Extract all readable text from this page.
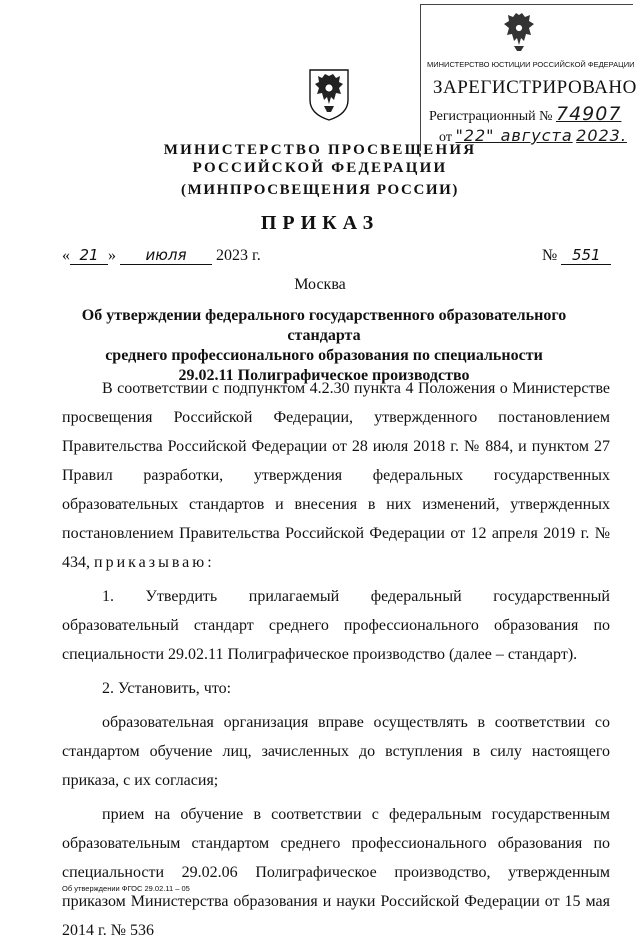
МИНИСТЕРСТВО ЮСТИЦИИ РОССИЙСКОЙ ФЕДЕРАЦИИ
ЗАРЕГИСТРИРОВАНО
Регистрационный № 74907
от "22" августа 2023.
МИНИСТЕРСТВО ПРОСВЕЩЕНИЯ
РОССИЙСКОЙ ФЕДЕРАЦИИ
(МИНПРОСВЕЩЕНИЯ РОССИИ)
ПРИКАЗ
« 21 » июля 2023 г.	№ 551
Москва
Об утверждении федерального государственного образовательного стандарта
среднего профессионального образования по специальности
29.02.11 Полиграфическое производство

В соответствии с подпунктом 4.2.30 пункта 4 Положения о Министерстве просвещения Российской Федерации, утвержденного постановлением Правительства Российской Федерации от 28 июля 2018 г. № 884, и пунктом 27 Правил разработки, утверждения федеральных государственных образовательных стандартов и внесения в них изменений, утвержденных постановлением Правительства Российской Федерации от 12 апреля 2019 г. № 434, приказываю:

1. Утвердить прилагаемый федеральный государственный образовательный стандарт среднего профессионального образования по специальности 29.02.11 Полиграфическое производство (далее – стандарт).

2. Установить, что:

образовательная организация вправе осуществлять в соответствии со стандартом обучение лиц, зачисленных до вступления в силу настоящего приказа, с их согласия;

прием на обучение в соответствии с федеральным государственным образовательным стандартом среднего профессионального образования по специальности 29.02.06 Полиграфическое производство, утвержденным приказом Министерства образования и науки Российской Федерации от 15 мая 2014 г. № 536

Об утверждении ФГОС 29.02.11 – 05
